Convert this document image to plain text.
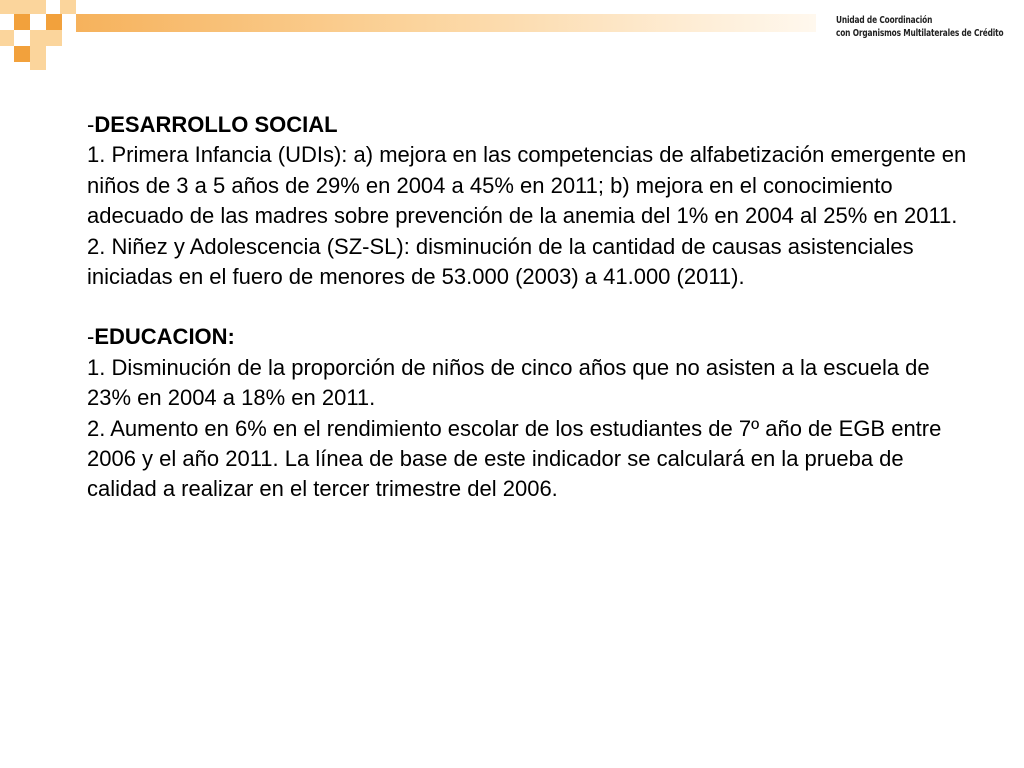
Unidad de Coordinación
con Organismos Multilaterales de Crédito

-DESARROLLO SOCIAL

1. Primera Infancia (UDIs): a) mejora en las competencias de alfabetización emergente en niños de 3 a 5 años de 29% en 2004 a 45% en 2011; b) mejora en el conocimiento adecuado de las madres sobre prevención de la anemia del 1% en 2004 al 25% en 2011.

2. Niñez y Adolescencia (SZ-SL): disminución de la cantidad de causas asistenciales iniciadas en el fuero de menores de 53.000 (2003) a 41.000 (2011).

-EDUCACION:

1. Disminución de la proporción de niños de cinco años que no asisten a la escuela de 23% en 2004 a 18% en 2011.

2. Aumento en 6% en el rendimiento escolar de los estudiantes de 7º año de EGB entre 2006 y el año 2011. La línea de base de este indicador se calculará en la prueba de calidad a realizar en el tercer trimestre del 2006.
